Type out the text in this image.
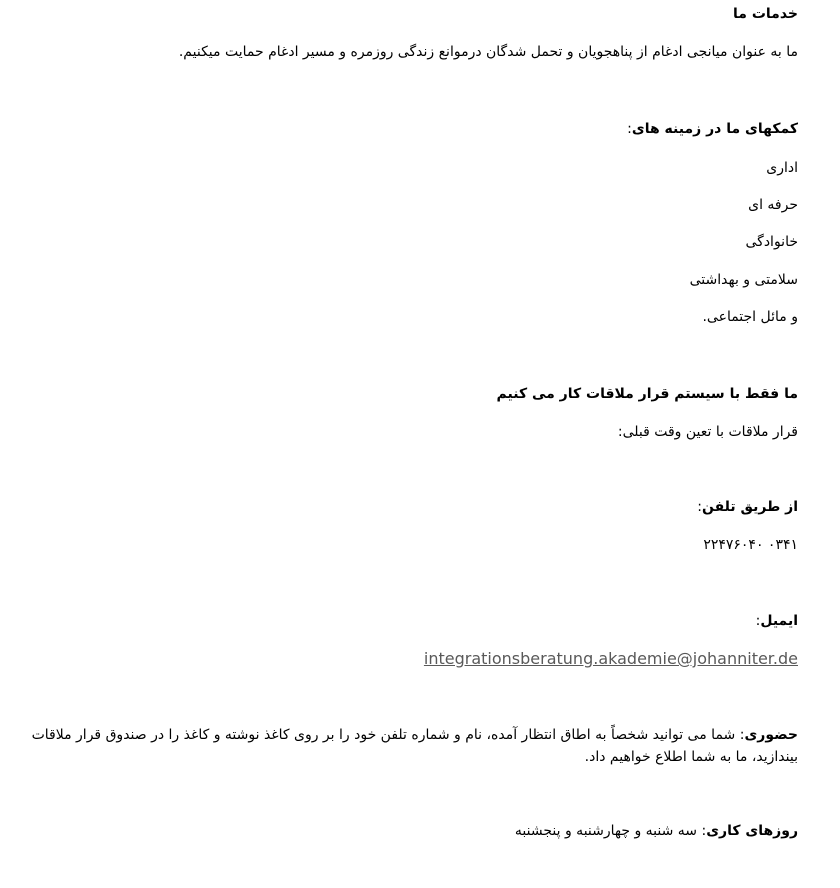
خدمات ما
ما به عنوان میانجی ادغام از پناهجویان و تحمل شدگان درموانع زندگی روزمره و مسیر ادغام حمایت میکنیم.
کمکهای ما در زمینه های:
اداری
حرفه ای
خانوادگی
سلامتی و بهداشتی
و مائل اجتماعی.
ما فقط با سیستم قرار ملاقات کار می کنیم
قرار ملاقات با تعین وقت قبلی:
از طریق تلفن:
۰۳۴۱ ۲۲۴۷۶۰۴۰
ایمیل:
integrationsberatung.akademie@johanniter.de
حضوری: شما می توانید شخصاً به اطاق انتظار آمده، نام و شماره تلفن خود را بر روی کاغذ نوشته و کاغذ را در صندوق قرار ملاقات بیندازید، ما به شما اطلاع خواهیم داد.
روزهای کاری: سه شنبه و چهارشنبه و پنجشنبه
